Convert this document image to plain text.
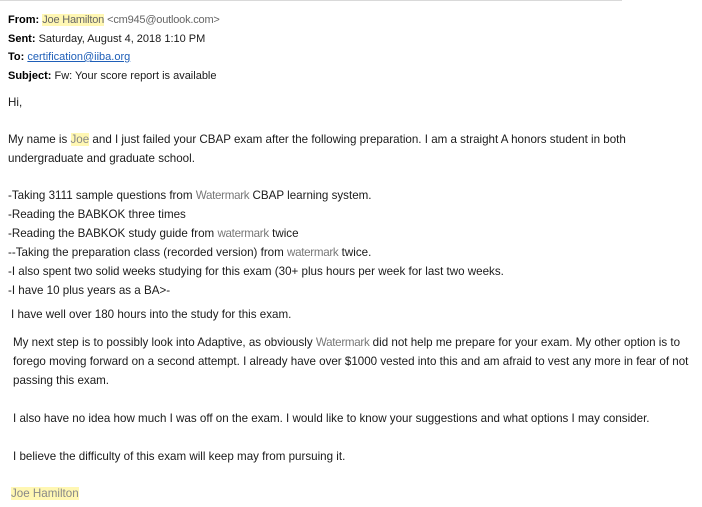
From: Joe Hamilton <cm945@outlook.com>
Sent: Saturday, August 4, 2018 1:10 PM
To: certification@iiba.org
Subject: Fw: Your score report is available
Hi,
My name is Joe and I just failed your CBAP exam after the following preparation. I am a straight A honors student in both
undergraduate and graduate school.
-Taking 3111 sample questions from Watermark CBAP learning system.
-Reading the BABKOK three times
-Reading the BABKOK study guide from watermark twice
--Taking the preparation class (recorded version) from watermark twice.
-I also spent two solid weeks studying for this exam (30+ plus hours per week for last two weeks.
-I have 10 plus years as a BA>-
I have well over 180 hours into the study for this exam.
My next step is to possibly look into Adaptive, as obviously Watermark did not help me prepare for your exam. My other option is to
forego moving forward on a second attempt. I already have over $1000 vested into this and am afraid to vest any more in fear of not
passing this exam.
I also have no idea how much I was off on the exam. I would like to know your suggestions and what options I may consider.
I believe the difficulty of this exam will keep may from pursuing it.
Joe Hamilton
